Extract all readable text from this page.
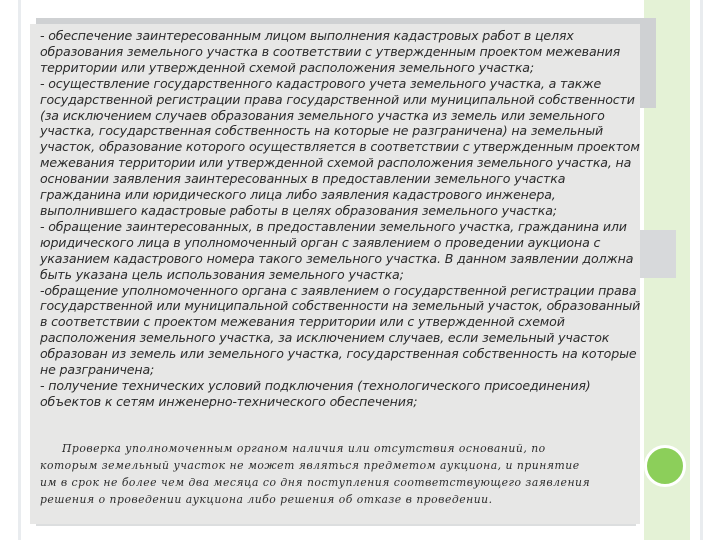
- обеспечение заинтересованным лицом выполнения кадастровых работ в целях
образования земельного участка в соответствии с утвержденным проектом межевания
территории или утвержденной схемой расположения земельного участка;
- осуществление государственного кадастрового учета земельного участка, а также
государственной регистрации права государственной или муниципальной собственности
(за исключением случаев образования земельного участка из земель или земельного
участка, государственная собственность на которые не разграничена) на земельный
участок, образование которого осуществляется в соответствии с утвержденным проектом
межевания территории или утвержденной схемой расположения земельного участка, на
основании заявления заинтересованных в предоставлении земельного участка
гражданина или юридического лица либо заявления кадастрового инженера,
выполнившего кадастровые работы в целях образования земельного участка;
- обращение заинтересованных, в предоставлении земельного участка, гражданина или
юридического лица в уполномоченный орган с заявлением о проведении аукциона с
указанием кадастрового номера такого земельного участка. В данном заявлении должна
быть указана цель использования земельного участка;
-обращение уполномоченного органа с заявлением о государственной регистрации права
государственной или муниципальной собственности на земельный участок, образованный
в соответствии с проектом межевания территории или с утвержденной схемой
расположения земельного участка, за исключением случаев, если земельный участок
образован из земель или земельного участка, государственная собственность на которые
не разграничена;
- получение технических условий подключения (технологического присоединения)
объектов к сетям инженерно-технического обеспечения;
Проверка уполномоченным органом наличия или отсутствия оснований, по
которым земельный участок не может являться предметом аукциона, и принятие
им в срок не более чем два месяца со дня поступления соответствующего заявления
решения о проведении аукциона либо решения об отказе в проведении.
